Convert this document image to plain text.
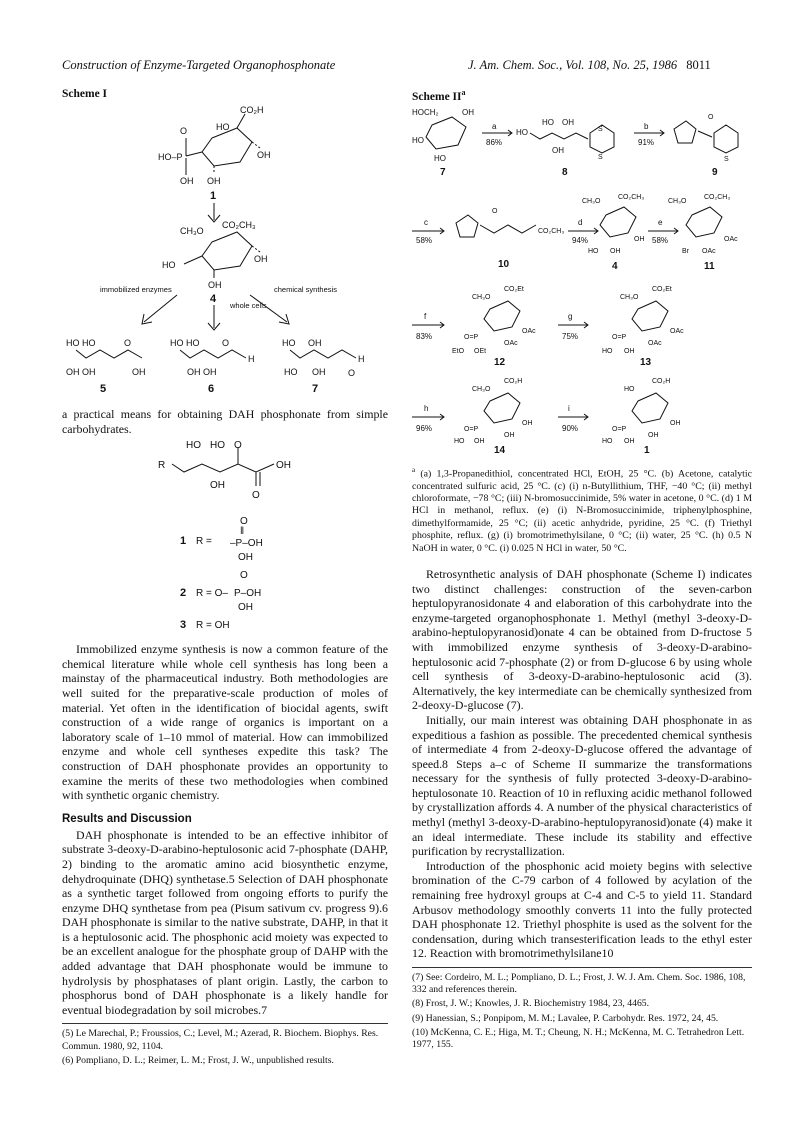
Construction of Enzyme-Targeted Organophosphonate	J. Am. Chem. Soc., Vol. 108, No. 25, 1986 8011
Scheme I
HO
CO₂H
O
HO–P
OH OH
OH
1
CH₃O
CO₂CH₃
HO
OH
OH
4
immobilized enzymes
whole cells
chemical synthesis
HO HO	O
OH OH	OH
5
HO HO O
OH OH
H
6
HO OH
HO OH
H
O
7

a practical means for obtaining DAH phosphonate from simple carbohydrates.

R
HO HO O
OH
OH
O
1 R =
O
‖
–P–OH
OH
2 R = O–
O
P–OH
OH
3 R = OH

Immobilized enzyme synthesis is now a common feature of the chemical literature while whole cell synthesis has long been a mainstay of the pharmaceutical industry. Both methodologies are well suited for the preparative-scale production of moles of material. Yet often in the identification of biocidal agents, swift construction of a wide range of organics is important on a laboratory scale of 1–10 mmol of material. How can immobilized enzyme and whole cell syntheses expedite this task? The construction of DAH phosphonate provides an opportunity to examine the merits of these two methodologies when combined with synthetic organic chemistry.

Results and Discussion

DAH phosphonate is intended to be an effective inhibitor of substrate 3-deoxy-D-arabino-heptulosonic acid 7-phosphate (DAHP, 2) binding to the aromatic amino acid biosynthetic enzyme, dehydroquinate (DHQ) synthetase.5 Selection of DAH phosphonate as a synthetic target followed from ongoing efforts to purify the enzyme DHQ synthetase from pea (Pisum sativum cv. progress 9).6 DAH phosphonate is similar to the native substrate, DAHP, in that it is a heptulosonic acid. The phosphonic acid moiety was expected to be an excellent analogue for the phosphate group of DAHP with the added advantage that DAH phosphonate would be immune to hydrolysis by phosphatases of plant origin. Lastly, the carbon to phosphorus bond of DAH phosphonate is a likely handle for eventual biodegradation by soil microbes.7

(5) Le Marechal, P.; Froussios, C.; Level, M.; Azerad, R. Biochem. Biophys. Res. Commun. 1980, 92, 1104.

(6) Pompliano, D. L.; Reimer, L. M.; Frost, J. W., unpublished results.

Scheme $II^a$
HOCH₂	OH
HO
HO
7
a
86%
HO
HO OH
OH
S
S
8
b
91%
O
S
9
c
58%
O
CO₂CH₃
10
d
94%
CH₃O
CO₂CH₃
HO OH
OH
4
e
58%
CH₃O
CO₂CH₃
Br OAc
OAc
11
f
83%
CH₃O
CO₂Et
O=P
EtO OEt
OAc
OAc
12
g
75%
CH₃O
CO₂Et
O=P
HO OH
OAc
OAc
13
h
96%
CH₃O
CO₂H
O=P
HO OH
OH
OH
14
i
90%
HO
CO₂H
O=P
HO OH
OH
OH
1
$^a$ (a) 1,3-Propanedithiol, concentrated HCl, EtOH, 25 °C. (b) Acetone, catalytic concentrated sulfuric acid, 25 °C. (c) (i) n-Butyllithium, THF, −40 °C; (ii) methyl chloroformate, −78 °C; (iii) N-bromosuccinimide, 5% water in acetone, 0 °C. (d) 1 M HCl in methanol, reflux. (e) (i) N-Bromosuccinimide, triphenylphosphine, dimethylformamide, 25 °C; (ii) acetic anhydride, pyridine, 25 °C. (f) Triethyl phosphite, reflux. (g) (i) bromotrimethylsilane, 0 °C; (ii) water, 25 °C. (h) 0.5 N NaOH in water, 0 °C. (i) 0.025 N HCl in water, 50 °C.

Retrosynthetic analysis of DAH phosphonate (Scheme I) indicates two distinct challenges: construction of the seven-carbon heptulopyranosidonate 4 and elaboration of this carbohydrate into the enzyme-targeted organophosphonate 1. Methyl (methyl 3-deoxy-D-arabino-heptulopyranosid)onate 4 can be obtained from D-fructose 5 with immobilized enzyme synthesis of 3-deoxy-D-arabino-heptulosonic acid 7-phosphate (2) or from D-glucose 6 by using whole cell synthesis of 3-deoxy-D-arabino-heptulosonic acid (3). Alternatively, the key intermediate can be chemically synthesized from 2-deoxy-D-glucose (7).

Initially, our main interest was obtaining DAH phosphonate in as expeditious a fashion as possible. The precedented chemical synthesis of intermediate 4 from 2-deoxy-D-glucose offered the advantage of speed.8 Steps a–c of Scheme II summarize the transformations necessary for the synthesis of fully protected 3-deoxy-D-arabino-heptulosonate 10. Reaction of 10 in refluxing acidic methanol followed by crystallization affords 4. A number of the physical characteristics of methyl (methyl 3-deoxy-D-arabino-heptulopyranosid)onate (4) make it an ideal intermediate. These include its stability and effective purification by recrystallization.

Introduction of the phosphonic acid moiety begins with selective bromination of the C-79 carbon of 4 followed by acylation of the remaining free hydroxyl groups at C-4 and C-5 to yield 11. Standard Arbusov methodology smoothly converts 11 into the fully protected DAH phosphonate 12. Triethyl phosphite is used as the solvent for the condensation, during which transesterification leads to the ethyl ester 12. Reaction with bromotrimethylsilane10

(7) See: Cordeiro, M. L.; Pompliano, D. L.; Frost, J. W. J. Am. Chem. Soc. 1986, 108, 332 and references therein.

(8) Frost, J. W.; Knowles, J. R. Biochemistry 1984, 23, 4465.

(9) Hanessian, S.; Ponpipom, M. M.; Lavalee, P. Carbohydr. Res. 1972, 24, 45.

(10) McKenna, C. E.; Higa, M. T.; Cheung, N. H.; McKenna, M. C. Tetrahedron Lett. 1977, 155.
